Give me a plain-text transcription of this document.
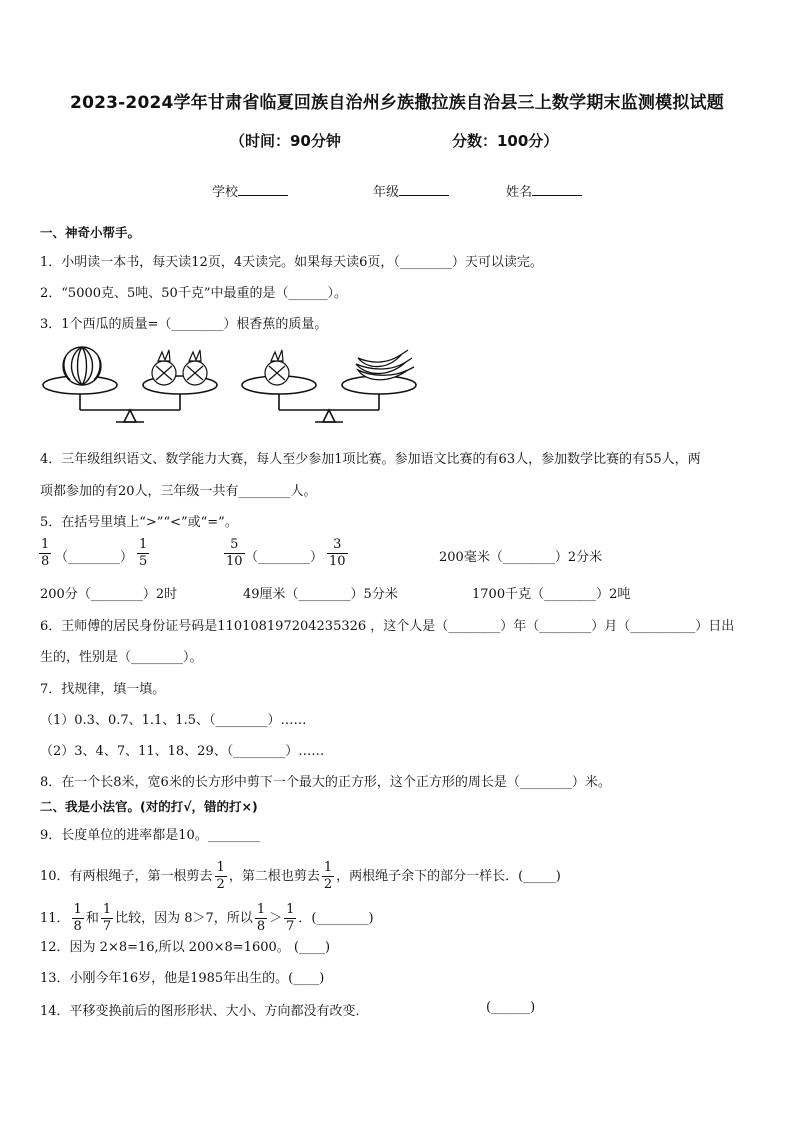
2023-2024学年甘肃省临夏回族自治州乡族撒拉族自治县三上数学期末监测模拟试题
（时间：90分钟	分数：100分）
学校	年级	姓名
一、神奇小帮手。
1．小明读一本书，每天读12页，4天读完。如果每天读6页，（________）天可以读完。
2．“5000克、5吨、50千克”中最重的是（______）。
3．1个西瓜的质量=（________）根香蕉的质量。
4．三年级组织语文、数学能力大赛，每人至少参加1项比赛。参加语文比赛的有63人，参加数学比赛的有55人，两
项都参加的有20人，三年级一共有________人。
5．在括号里填上“>”“<”或“=”。
$\frac{1}{8}$ （________） $\frac{1}{5}$	$\frac{5}{10}$ （________） $\frac{3}{10}$	200毫米（________）2分米
200分（________）2时	49厘米（________）5分米	1700千克（________）2吨
6．王师傅的居民身份证号码是110108197204235326 ，这个人是（________）年（________）月（__________）日出
生的，性别是（________）。
7．找规律，填一填。
（1）0.3、0.7、1.1、1.5、（________）……
（2）3、4、7、11、18、29、（________）……
8．在一个长8米，宽6米的长方形中剪下一个最大的正方形，这个正方形的周长是（________）米。
二、我是小法官。(对的打√，错的打×)
9．长度单位的进率都是10。________
10．有两根绳子，第一根剪去 $\frac{1}{2}$ ，第二根也剪去 $\frac{1}{2}$ ，两根绳子余下的部分一样长．(_____)
11． $\frac{1}{8}$ 和 $\frac{1}{7}$ 比较，因为 8＞7，所以 $\frac{1}{8} > \frac{1}{7}$ ．(________)
12．因为 2×8=16,所以 200×8=1600。 (____)
13．小刚今年16岁，他是1985年出生的。(____)
14．平移变换前后的图形形状、大小、方向都没有改变．	(______)
